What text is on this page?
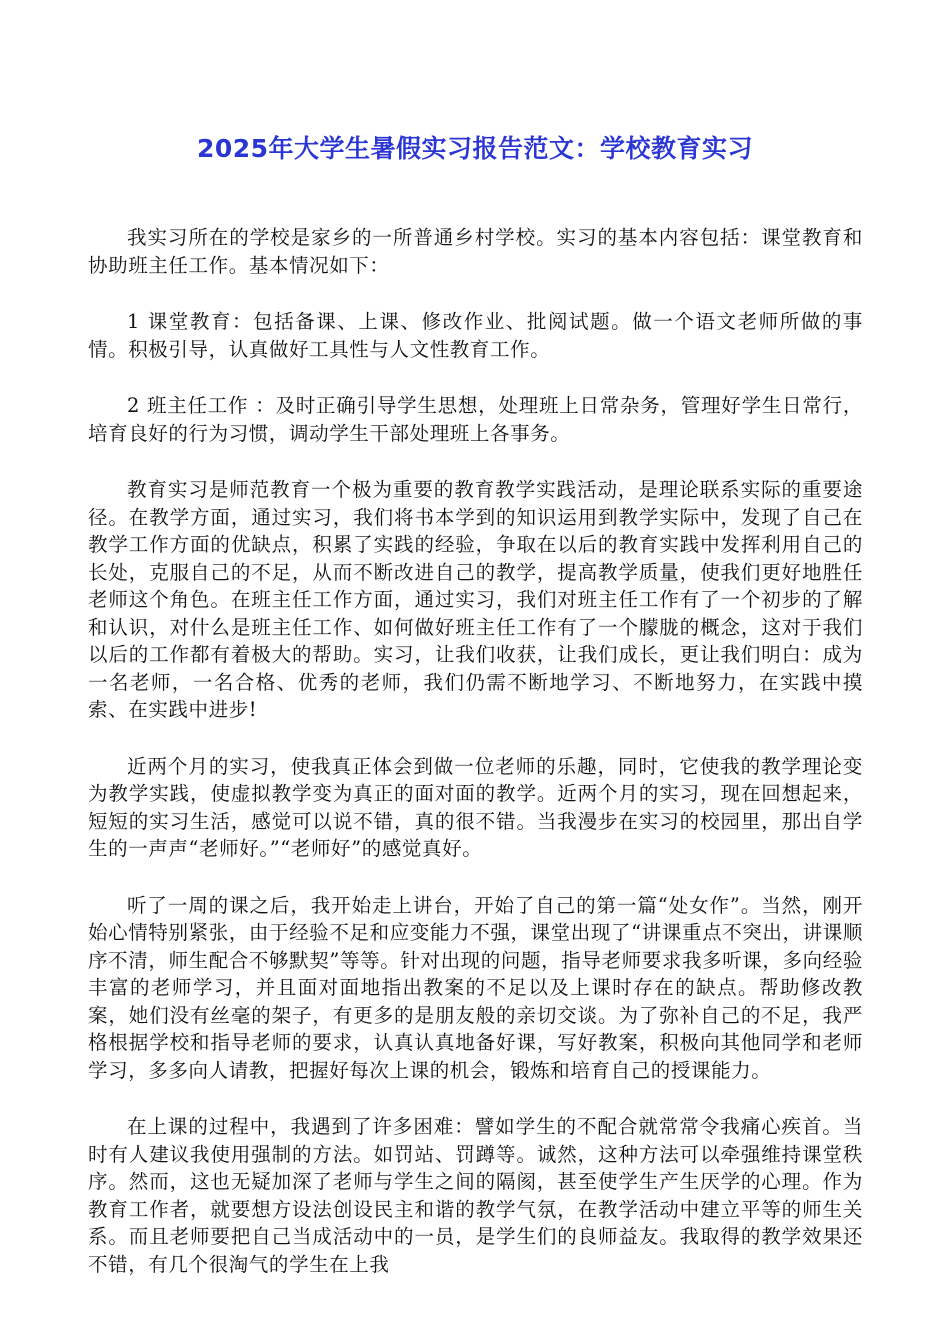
2025年大学生暑假实习报告范文：学校教育实习

我实习所在的学校是家乡的一所普通乡村学校。实习的基本内容包括：课堂教育和协助班主任工作。基本情况如下：

1 课堂教育：包括备课、上课、修改作业、批阅试题。做一个语文老师所做的事情。积极引导，认真做好工具性与人文性教育工作。

2 班主任工作 ：及时正确引导学生思想，处理班上日常杂务，管理好学生日常行，培育良好的行为习惯，调动学生干部处理班上各事务。

教育实习是师范教育一个极为重要的教育教学实践活动，是理论联系实际的重要途径。在教学方面，通过实习，我们将书本学到的知识运用到教学实际中，发现了自己在教学工作方面的优缺点，积累了实践的经验，争取在以后的教育实践中发挥利用自己的长处，克服自己的不足，从而不断改进自己的教学，提高教学质量，使我们更好地胜任老师这个角色。在班主任工作方面，通过实习，我们对班主任工作有了一个初步的了解和认识，对什么是班主任工作、如何做好班主任工作有了一个朦胧的概念，这对于我们以后的工作都有着极大的帮助。实习，让我们收获，让我们成长，更让我们明白：成为一名老师，一名合格、优秀的老师，我们仍需不断地学习、不断地努力，在实践中摸索、在实践中进步!

近两个月的实习，使我真正体会到做一位老师的乐趣，同时，它使我的教学理论变为教学实践，使虚拟教学变为真正的面对面的教学。近两个月的实习，现在回想起来，短短的实习生活，感觉可以说不错，真的很不错。当我漫步在实习的校园里，那出自学生的一声声“老师好。”“老师好”的感觉真好。

听了一周的课之后，我开始走上讲台，开始了自己的第一篇“处女作”。当然，刚开始心情特别紧张，由于经验不足和应变能力不强，课堂出现了“讲课重点不突出，讲课顺序不清，师生配合不够默契”等等。针对出现的问题，指导老师要求我多听课，多向经验丰富的老师学习，并且面对面地指出教案的不足以及上课时存在的缺点。帮助修改教案，她们没有丝毫的架子，有更多的是朋友般的亲切交谈。为了弥补自己的不足，我严格根据学校和指导老师的要求，认真认真地备好课，写好教案，积极向其他同学和老师学习，多多向人请教，把握好每次上课的机会，锻炼和培育自己的授课能力。

在上课的过程中，我遇到了许多困难：譬如学生的不配合就常常令我痛心疾首。当时有人建议我使用强制的方法。如罚站、罚蹲等。诚然，这种方法可以牵强维持课堂秩序。然而，这也无疑加深了老师与学生之间的隔阂，甚至使学生产生厌学的心理。作为教育工作者，就要想方设法创设民主和谐的教学气氛，在教学活动中建立平等的师生关系。而且老师要把自己当成活动中的一员，是学生们的良师益友。我取得的教学效果还不错，有几个很淘气的学生在上我
